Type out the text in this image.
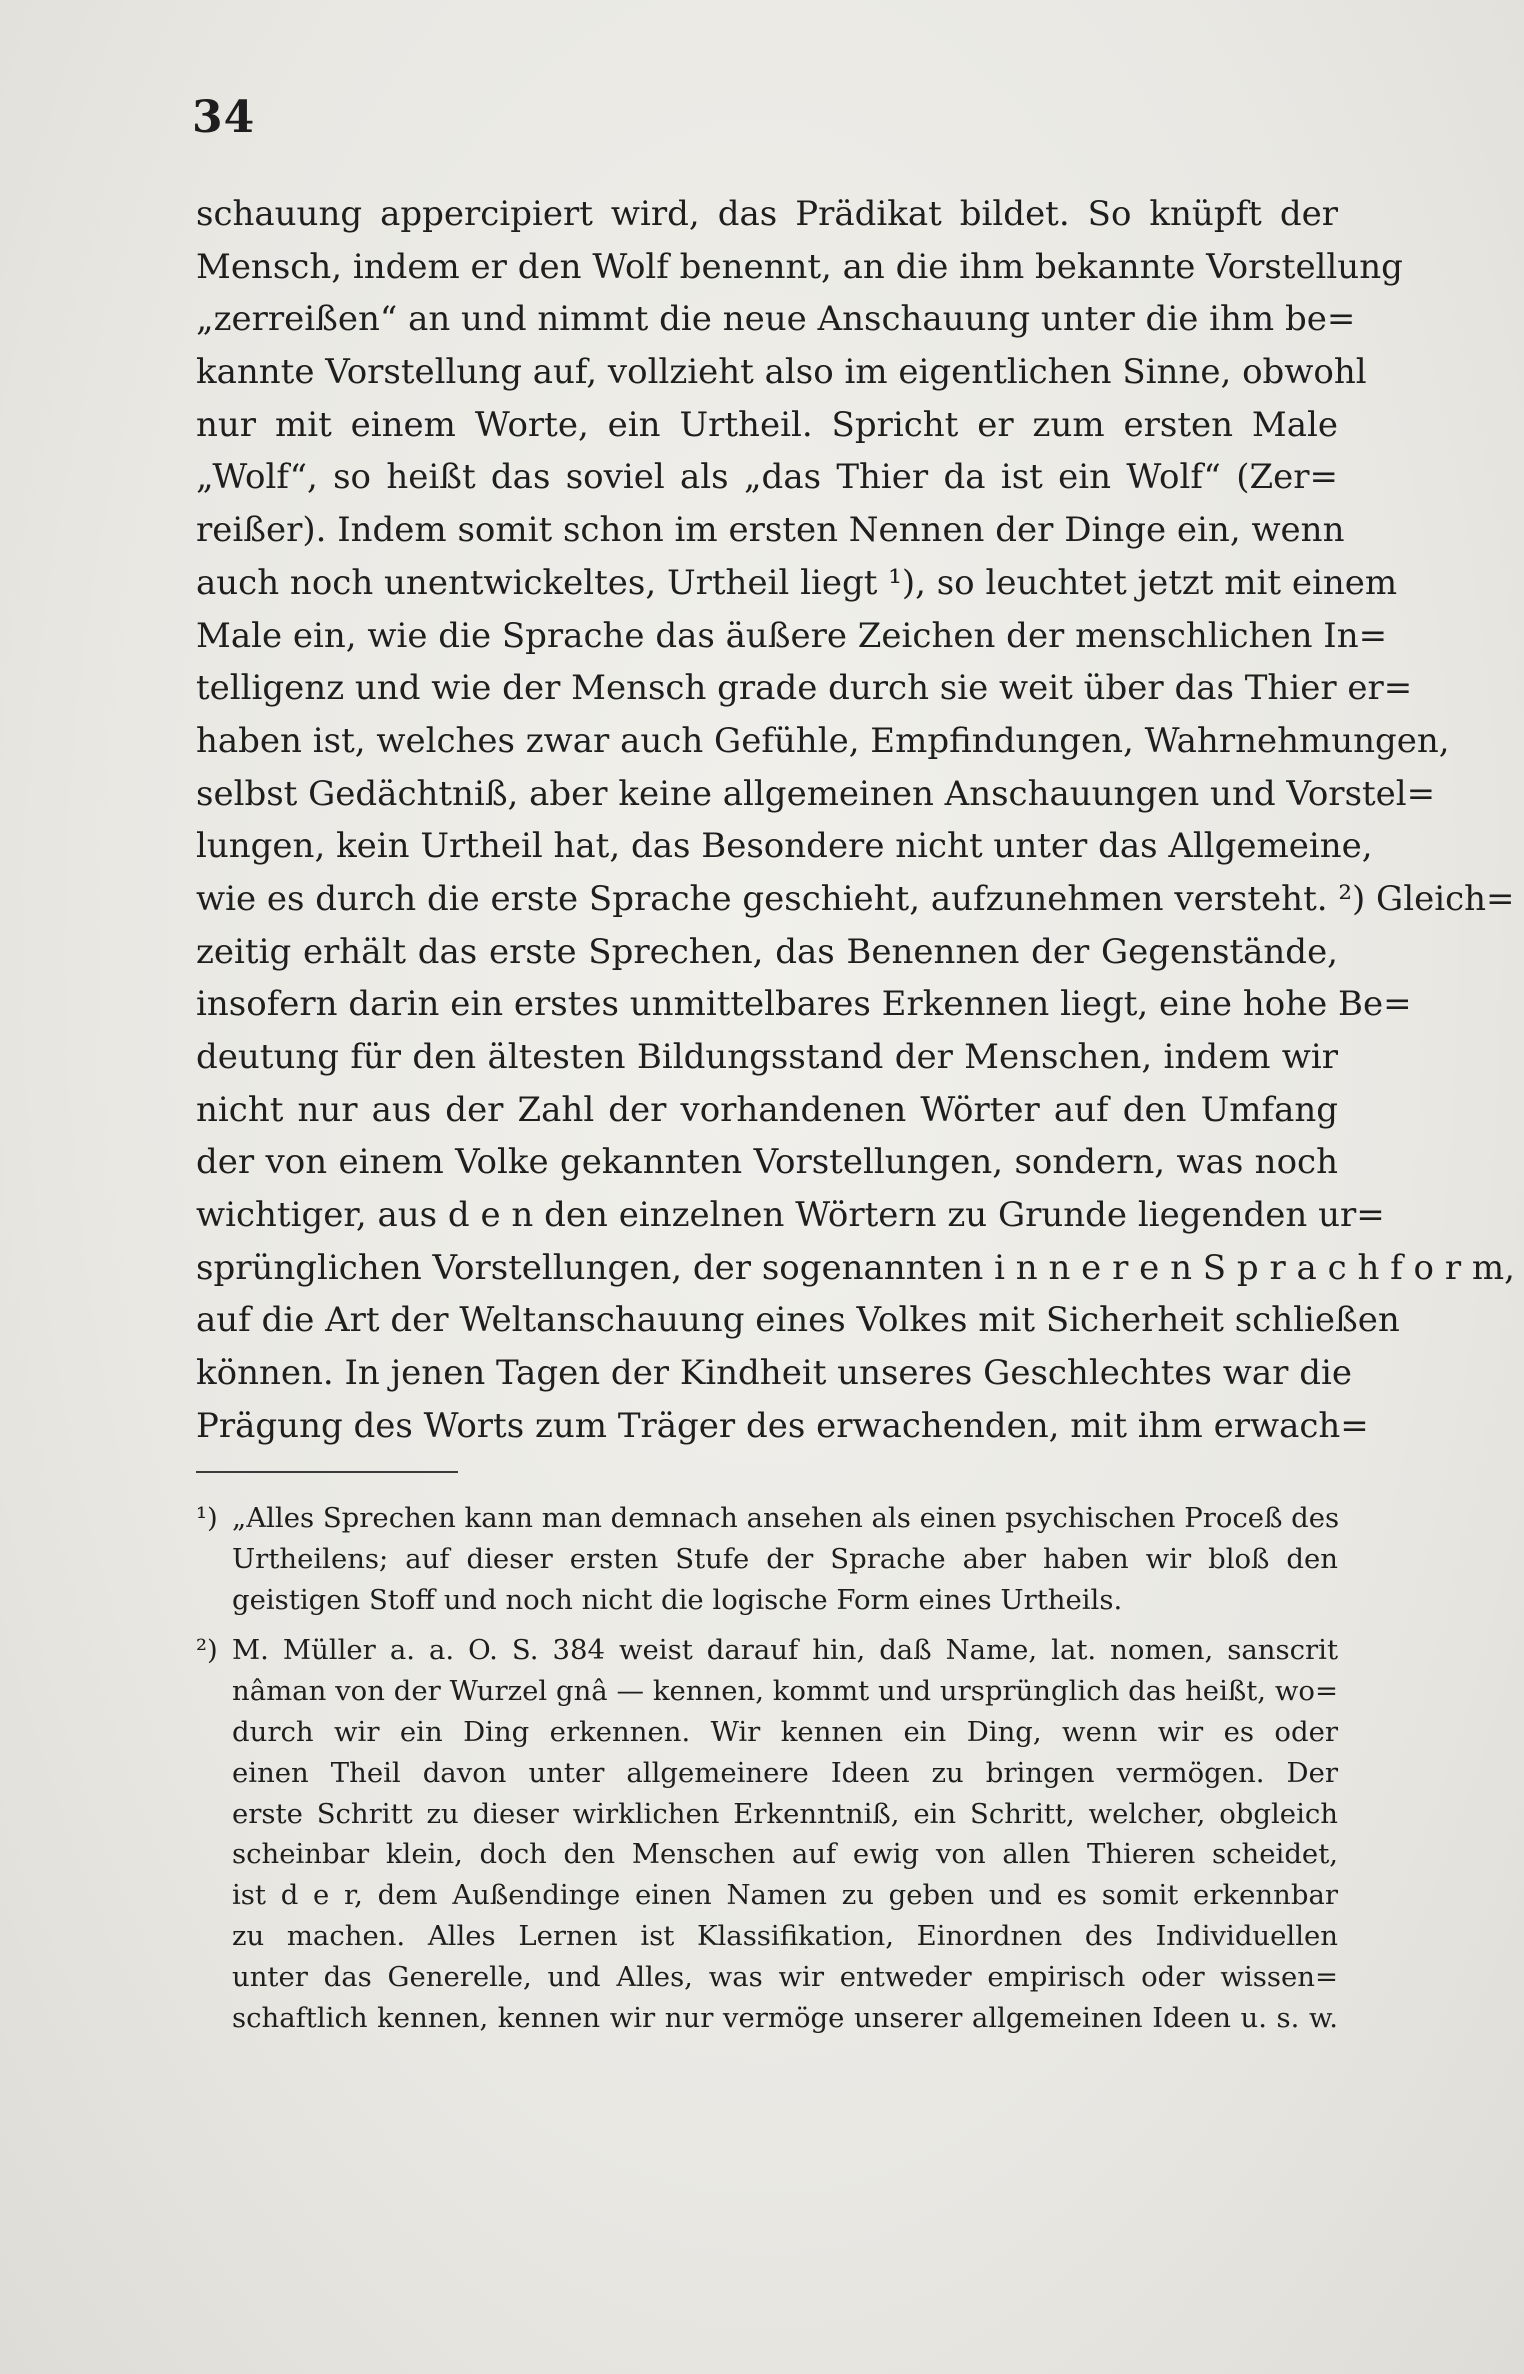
34
schauung appercipiert wird, das Prädikat bildet. So knüpft der
Mensch, indem er den Wolf benennt, an die ihm bekannte Vorstellung
„zerreißen“ an und nimmt die neue Anschauung unter die ihm be=
kannte Vorstellung auf, vollzieht also im eigentlichen Sinne, obwohl
nur mit einem Worte, ein Urtheil. Spricht er zum ersten Male
„Wolf“, so heißt das soviel als „das Thier da ist ein Wolf“ (Zer=
reißer). Indem somit schon im ersten Nennen der Dinge ein, wenn
auch noch unentwickeltes, Urtheil liegt ¹), so leuchtet jetzt mit einem
Male ein, wie die Sprache das äußere Zeichen der menschlichen In=
telligenz und wie der Mensch grade durch sie weit über das Thier er=
haben ist, welches zwar auch Gefühle, Empfindungen, Wahrnehmungen,
selbst Gedächtniß, aber keine allgemeinen Anschauungen und Vorstel=
lungen, kein Urtheil hat, das Besondere nicht unter das Allgemeine,
wie es durch die erste Sprache geschieht, aufzunehmen versteht. ²) Gleich=
zeitig erhält das erste Sprechen, das Benennen der Gegenstände,
insofern darin ein erstes unmittelbares Erkennen liegt, eine hohe Be=
deutung für den ältesten Bildungsstand der Menschen, indem wir
nicht nur aus der Zahl der vorhandenen Wörter auf den Umfang
der von einem Volke gekannten Vorstellungen, sondern, was noch
wichtiger, aus d e n den einzelnen Wörtern zu Grunde liegenden ur=
sprünglichen Vorstellungen, der sogenannten i n n e r e n S p r a c h f o r m,
auf die Art der Weltanschauung eines Volkes mit Sicherheit schließen
können. In jenen Tagen der Kindheit unseres Geschlechtes war die
Prägung des Worts zum Träger des erwachenden, mit ihm erwach=
¹) „Alles Sprechen kann man demnach ansehen als einen psychischen Proceß des
Urtheilens; auf dieser ersten Stufe der Sprache aber haben wir bloß den
geistigen Stoff und noch nicht die logische Form eines Urtheils.
²) M. Müller a. a. O. S. 384 weist darauf hin, daß Name, lat. nomen, sanscrit
nâman von der Wurzel gnâ — kennen, kommt und ursprünglich das heißt, wo=
durch wir ein Ding erkennen. Wir kennen ein Ding, wenn wir es oder
einen Theil davon unter allgemeinere Ideen zu bringen vermögen. Der
erste Schritt zu dieser wirklichen Erkenntniß, ein Schritt, welcher, obgleich
scheinbar klein, doch den Menschen auf ewig von allen Thieren scheidet,
ist d e r, dem Außendinge einen Namen zu geben und es somit erkennbar
zu machen. Alles Lernen ist Klassifikation, Einordnen des Individuellen
unter das Generelle, und Alles, was wir entweder empirisch oder wissen=
schaftlich kennen, kennen wir nur vermöge unserer allgemeinen Ideen u. s. w.
